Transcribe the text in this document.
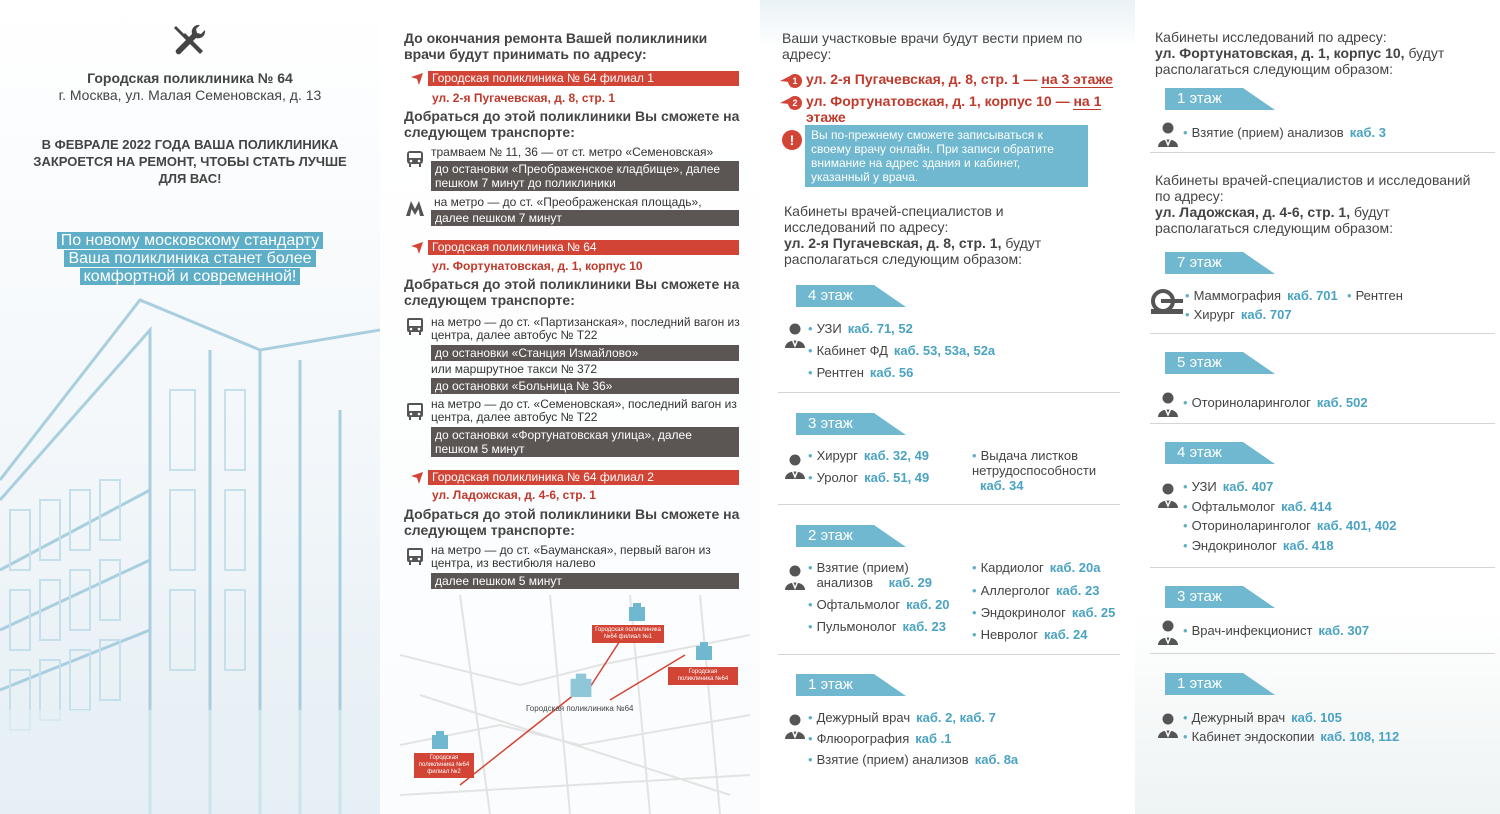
Городская поликлиника № 64
г. Москва, ул. Малая Семеновская, д. 13
В ФЕВРАЛЕ 2022 ГОДА ВАША ПОЛИКЛИНИКА ЗАКРОЕТСЯ НА РЕМОНТ, ЧТОБЫ СТАТЬ ЛУЧШЕ ДЛЯ ВАС!
По новому московскому стандарту
Ваша поликлиника станет более
комфортной и современной!
До окончания ремонта Вашей поликлиники врачи будут принимать по адресу:
Городская поликлиника № 64 филиал 1
ул. 2-я Пугачевская, д. 8, стр. 1
Добраться до этой поликлиники Вы сможете на следующем транспорте:
трамваем № 11, 36 — от ст. метро «Семеновская»
до остановки «Преображенское кладбище», далее пешком 7 минут до поликлиники
на метро — до ст. «Преображенская площадь»,
далее пешком 7 минут
Городская поликлиника № 64
ул. Фортунатовская, д. 1, корпус 10
Добраться до этой поликлиники Вы сможете на следующем транспорте:
на метро — до ст. «Партизанская», последний вагон из центра, далее автобус № Т22
до остановки «Станция Измайлово»
или маршрутное такси № 372
до остановки «Больница № 36»
на метро — до ст. «Семеновская», последний вагон из центра, далее автобус № Т22
до остановки «Фортунатовская улица», далее пешком 5 минут
Городская поликлиника № 64 филиал 2
ул. Ладожская, д. 4-6, стр. 1
Добраться до этой поликлиники Вы сможете на следующем транспорте:
на метро — до ст. «Бауманская», первый вагон из центра, из вестибюля налево
далее пешком 5 минут
Городская поликлиника №64 филиал №1
Городская поликлиника №64
Городская поликлиника №64
Городская поликлиника №64 филиал №2
Ваши участковые врачи будут вести прием по адресу:
1 ул. 2-я Пугачевская, д. 8, стр. 1 — на 3 этаже
2 ул. Фортунатовская, д. 1, корпус 10 — на 1 этаже
!	Вы по-прежнему сможете записываться к своему врачу онлайн. При записи обратите внимание на адрес здания и кабинет, указанный у врача.
Кабинеты врачей-специалистов и исследований по адресу:
ул. 2-я Пугачевская, д. 8, стр. 1, будут располагаться следующим образом:
4 этаж
• УЗИ каб. 71, 52
• Кабинет ФД каб. 53, 53а, 52а
• Рентген каб. 56
3 этаж
• Хирург каб. 32, 49
• Уролог каб. 51, 49
• Выдача листков нетрудоспособности
каб. 34
2 этаж
• Взятие (прием) анализов каб. 29
• Офтальмолог каб. 20
• Пульмонолог каб. 23
• Кардиолог каб. 20а
• Аллерголог каб. 23
• Эндокринолог каб. 25
• Невролог каб. 24
1 этаж
• Дежурный врач каб. 2, каб. 7
• Флюорография каб .1
• Взятие (прием) анализов каб. 8а
Кабинеты исследований по адресу:
ул. Фортунатовская, д. 1, корпус 10, будут располагаться следующим образом:
1 этаж
• Взятие (прием) анализов каб. 3
Кабинеты врачей-специалистов и исследований по адресу:
ул. Ладожская, д. 4-6, стр. 1, будут располагаться следующим образом:
7 этаж
• Маммография каб. 701
• Хирург каб. 707
• Рентген
5 этаж
• Оториноларинголог каб. 502
4 этаж
• УЗИ каб. 407
• Офтальмолог каб. 414
• Оториноларинголог каб. 401, 402
• Эндокринолог каб. 418
3 этаж
• Врач-инфекционист каб. 307
1 этаж
• Дежурный врач каб. 105
• Кабинет эндоскопии каб. 108, 112
